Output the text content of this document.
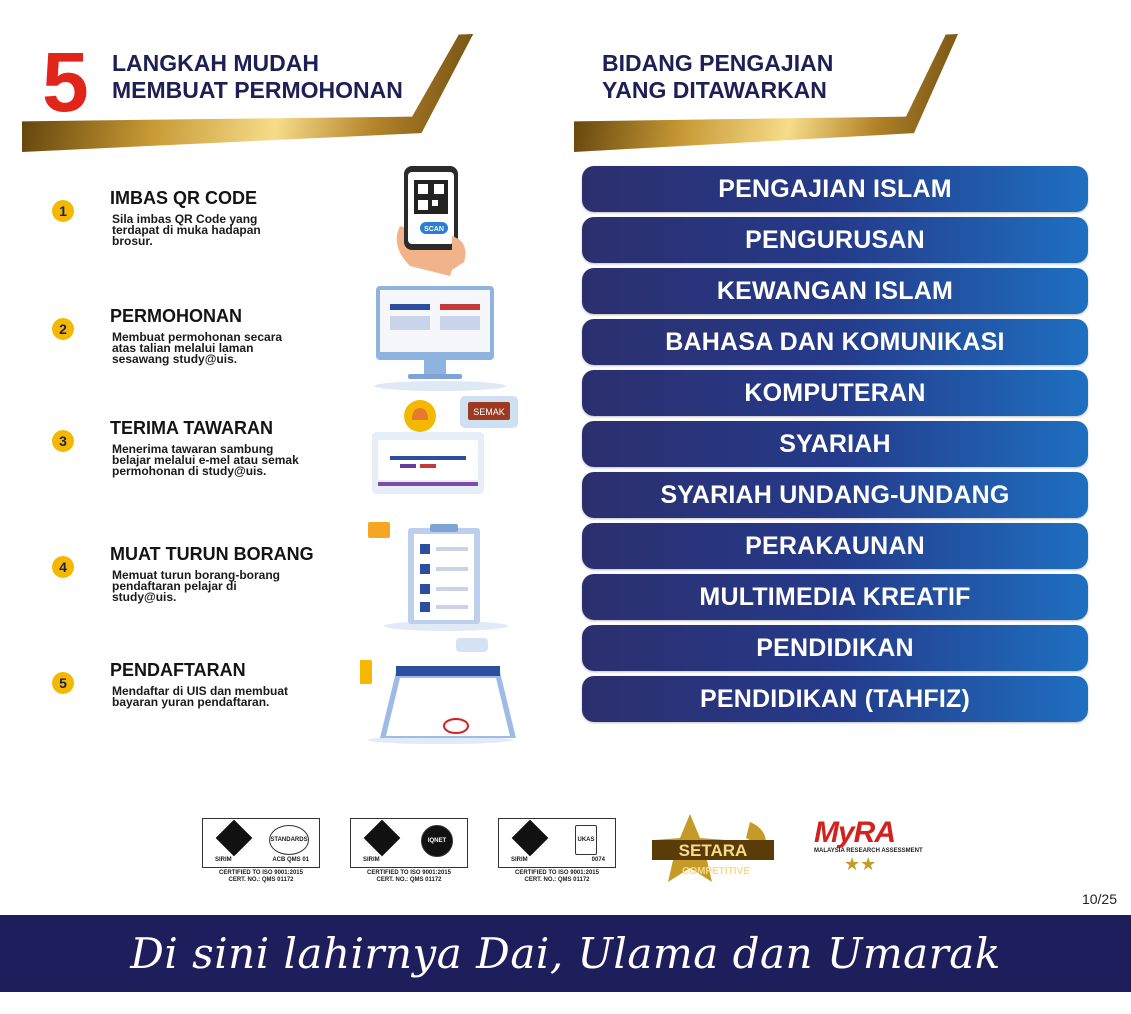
5 LANGKAH MUDAH
MEMBUAT PERMOHONAN
BIDANG PENGAJIAN
YANG DITAWARKAN
1
IMBAS QR CODE
Sila imbas QR Code yang terdapat di muka hadapan brosur.
SCAN
2
PERMOHONAN
Membuat permohonan secara atas talian melalui laman sesawang study@uis.
3
TERIMA TAWARAN
Menerima tawaran sambung belajar melalui e-mel atau semak permohonan di study@uis.
SEMAK
4
MUAT TURUN BORANG
Memuat turun borang-borang pendaftaran pelajar di study@uis.
5
PENDAFTARAN
Mendaftar di UIS dan membuat bayaran yuran pendaftaran.
PENGAJIAN ISLAM
PENGURUSAN
KEWANGAN ISLAM
BAHASA DAN KOMUNIKASI
KOMPUTERAN
SYARIAH
SYARIAH UNDANG-UNDANG
PERAKAUNAN
MULTIMEDIA KREATIF
PENDIDIKAN
PENDIDIKAN (TAHFIZ)
SIRIM
STANDARDS
ACB QMS 01
CERTIFIED TO ISO 9001:2015
CERT. NO.: QMS 01172
SIRIM
IQNET
CERTIFIED TO ISO 9001:2015
CERT. NO.: QMS 01172
SIRIM
UKAS
0074
CERTIFIED TO ISO 9001:2015
CERT. NO.: QMS 01172
SETARA
COMPETITIVE
MyRA
MALAYSIA RESEARCH ASSESSMENT
★★
10/25
Di sini lahirnya Dai, Ulama dan Umarak
